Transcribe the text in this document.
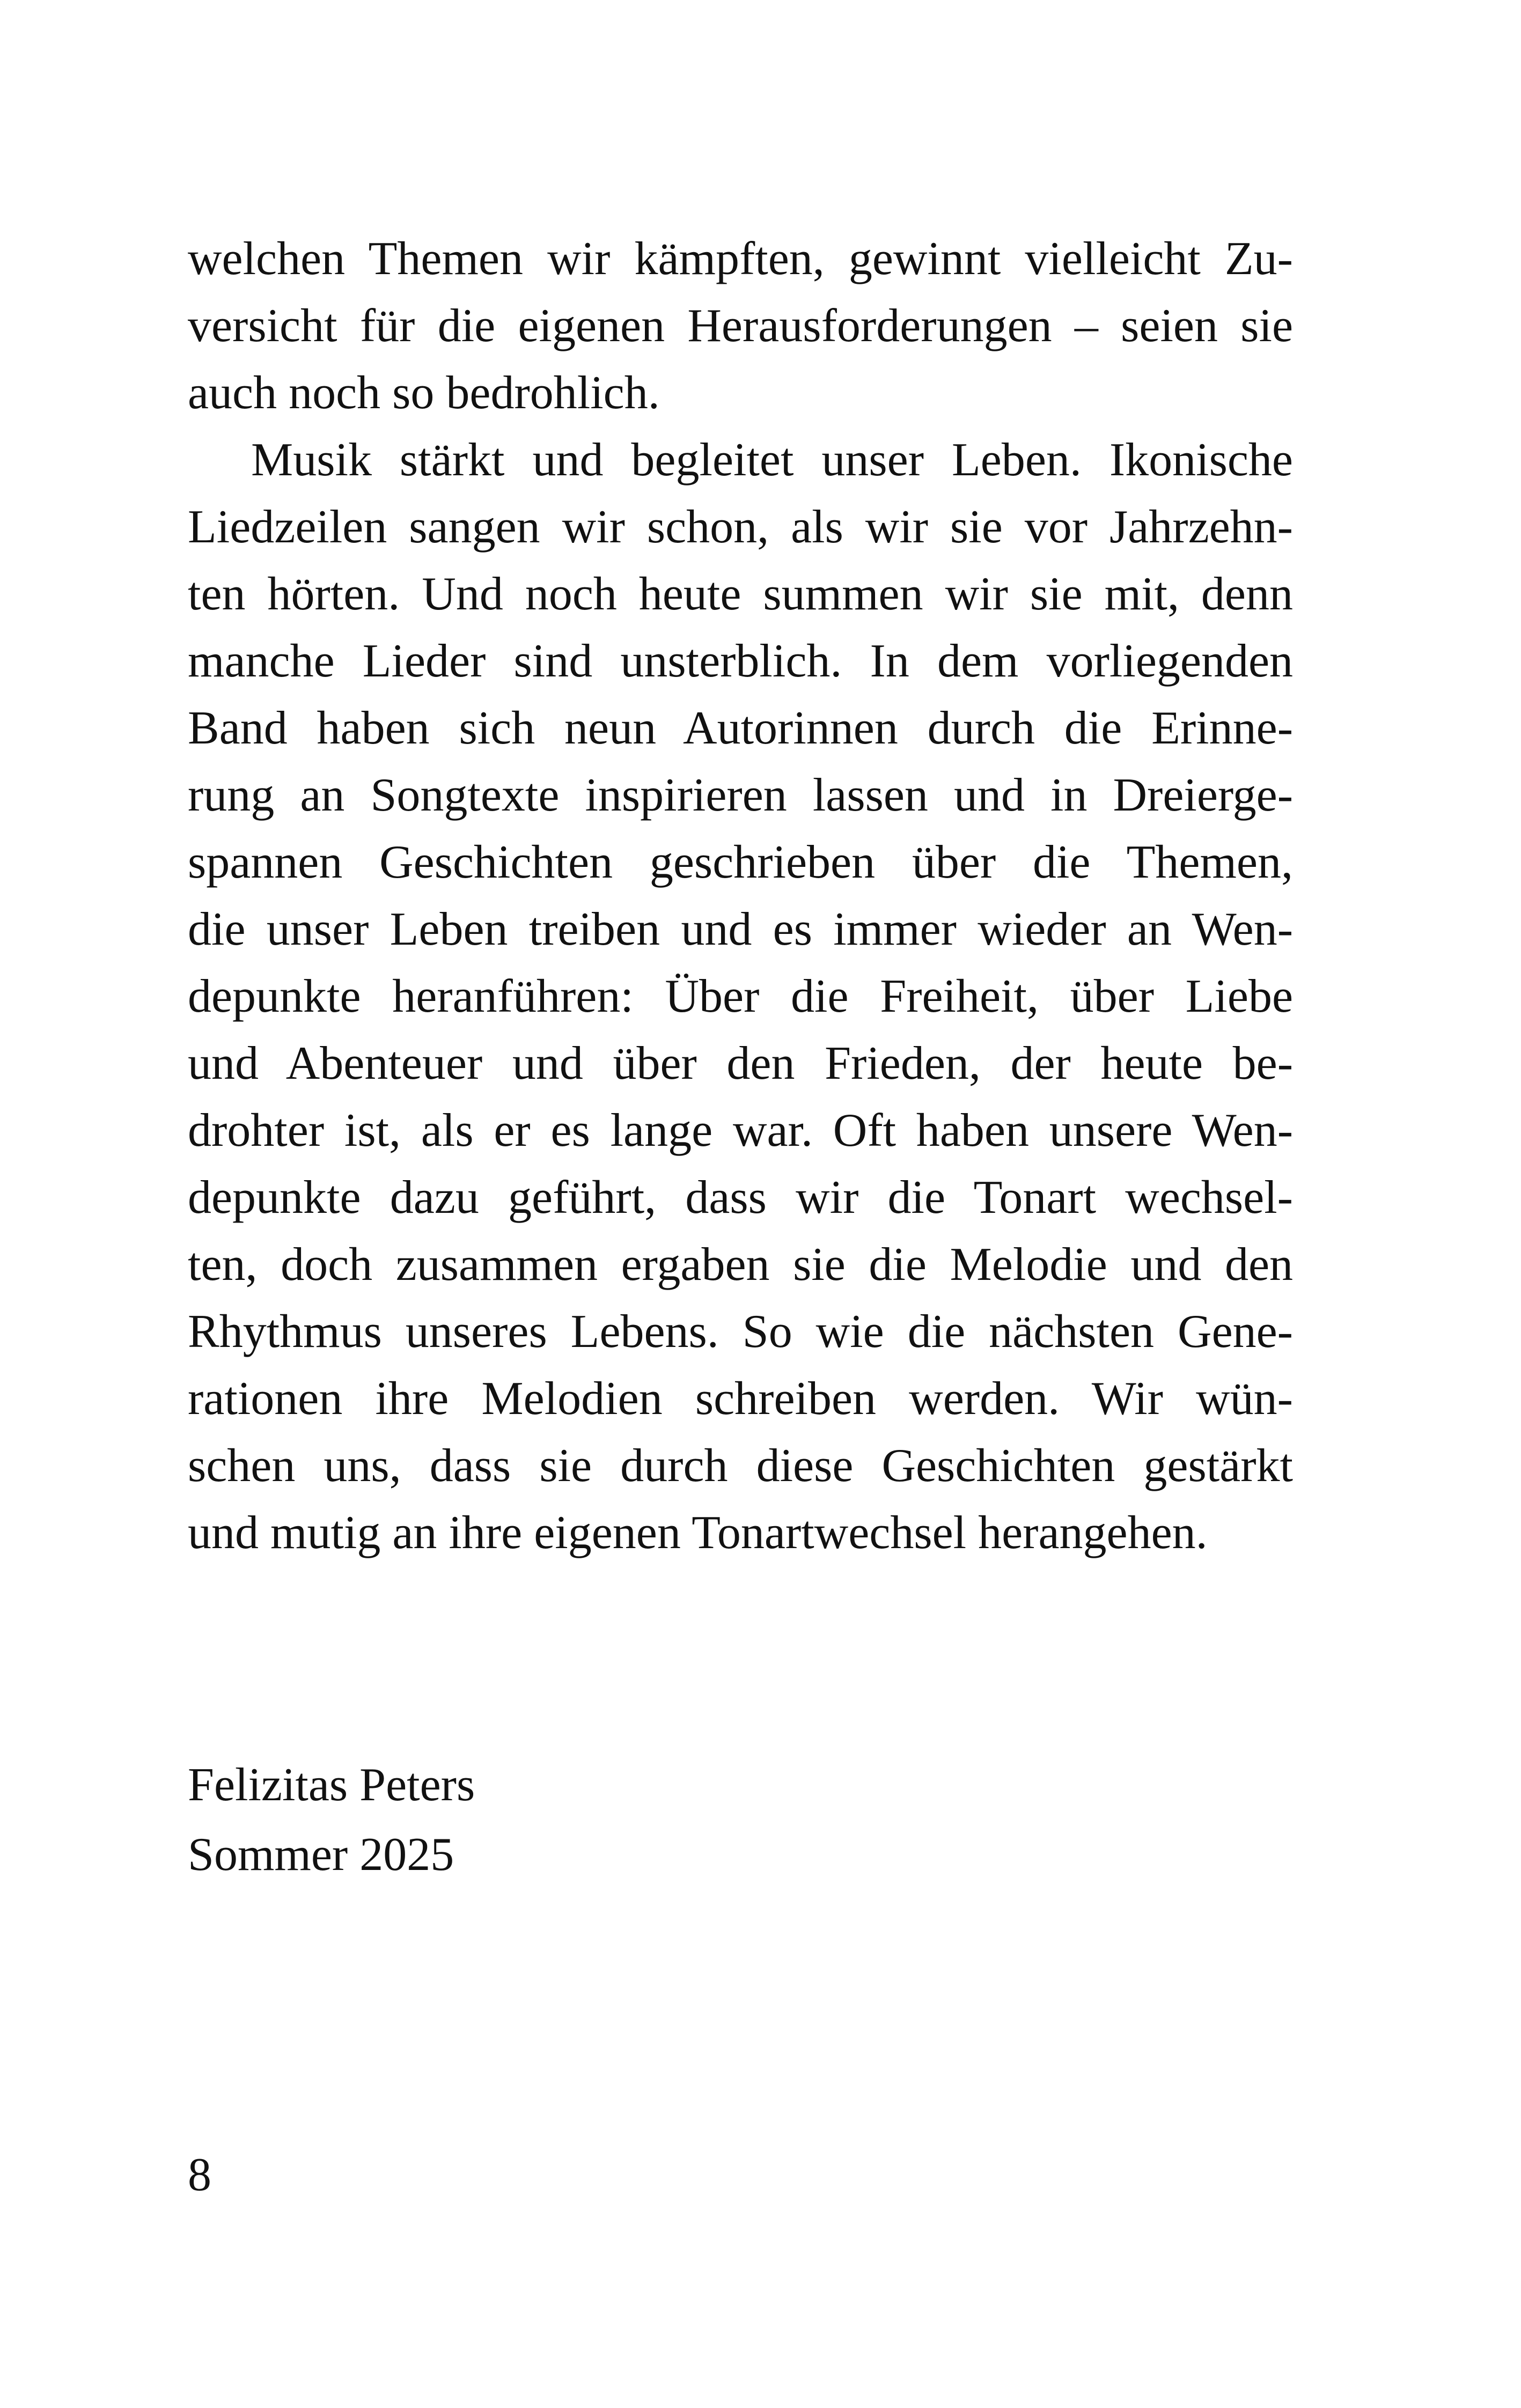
welchen Themen wir kämpften, gewinnt vielleicht Zu-
versicht für die eigenen Herausforderungen – seien sie
auch noch so bedrohlich.
Musik stärkt und begleitet unser Leben. Ikonische
Liedzeilen sangen wir schon, als wir sie vor Jahrzehn-
ten hörten. Und noch heute summen wir sie mit, denn
manche Lieder sind unsterblich. In dem vorliegenden
Band haben sich neun Autorinnen durch die Erinne-
rung an Songtexte inspirieren lassen und in Dreierge-
spannen Geschichten geschrieben über die Themen,
die unser Leben treiben und es immer wieder an Wen-
depunkte heranführen: Über die Freiheit, über Liebe
und Abenteuer und über den Frieden, der heute be-
drohter ist, als er es lange war. Oft haben unsere Wen-
depunkte dazu geführt, dass wir die Tonart wechsel-
ten, doch zusammen ergaben sie die Melodie und den
Rhythmus unseres Lebens. So wie die nächsten Gene-
rationen ihre Melodien schreiben werden. Wir wün-
schen uns, dass sie durch diese Geschichten gestärkt
und mutig an ihre eigenen Tonartwechsel herangehen.
Felizitas Peters
Sommer 2025
8
